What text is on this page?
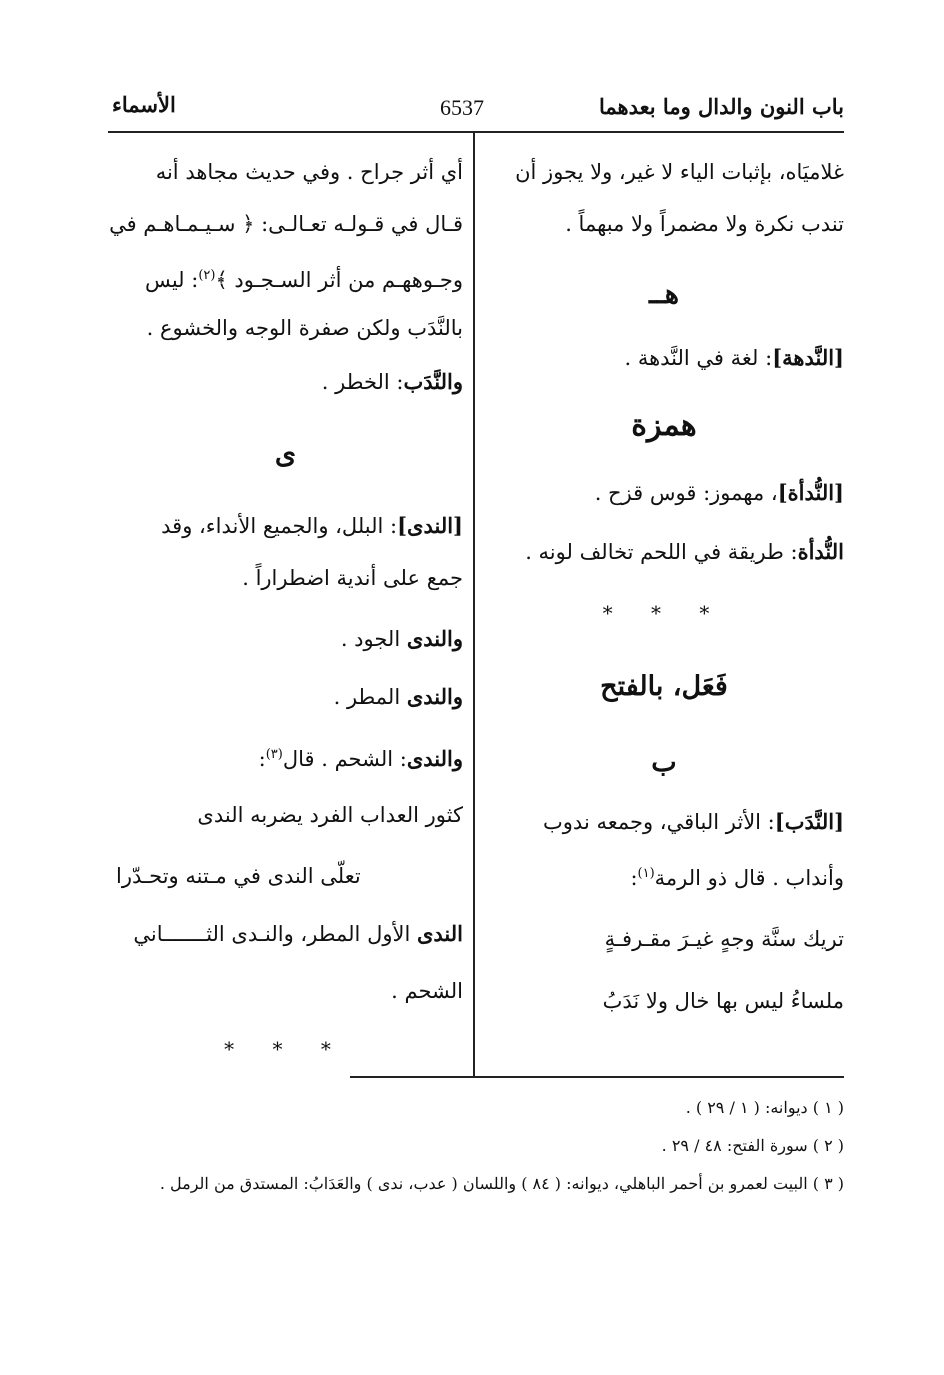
باب النون والدال وما بعدهما
6537
الأسماء

غلاميَاه، بإثبات الياء لا غير، ولا يجوز أن

تندب نكرة ولا مضمراً ولا مبهماً .

هــ

[النَّدهة]: لغة في النَّدهة .

همزة

[النُّدأة]، مهموز: قوس قزح .

النُّدأة: طريقة في اللحم تخالف لونه .

* * *

فَعَل، بالفتح

ب

[النَّدَب]: الأثر الباقي، وجمعه ندوب

وأنداب . قال ذو الرمة$^{(١)}$:

تريك سنَّة وجهٍ غيـرَ مقـرفـةٍ

ملساءُ ليس بها خال ولا نَدَبُ

أي أثر جراح . وفي حديث مجاهد أنه

قـال في قـولـه تعـالـى: ﴿ سـيـمـاهـم في

وجـوههـم من أثر السـجـود ﴾$^{(٢)}$: ليس

بالنَّدَب ولكن صفرة الوجه والخشوع .

والنَّدَب: الخطر .

ى

[الندى]: البلل، والجميع الأنداء، وقد

جمع على أندية اضطراراً .

والندى الجود .

والندى المطر .

والندى: الشحم . قال$^{(٣)}$:

كثور العداب الفرد يضربه الندى

تعلّى الندى في مـتنه وتحـدّرا

الندى الأول المطر، والنـدى الثـــــــاني

الشحم .

* * *

( ١ ) ديوانه: ( ١ / ٢٩ ) .
( ٢ ) سورة الفتح: ٤٨ / ٢٩ .
( ٣ ) البيت لعمرو بن أحمر الباهلي، ديوانه: ( ٨٤ ) واللسان ( عدب، ندى ) والعَدَابُ: المستدق من الرمل .
